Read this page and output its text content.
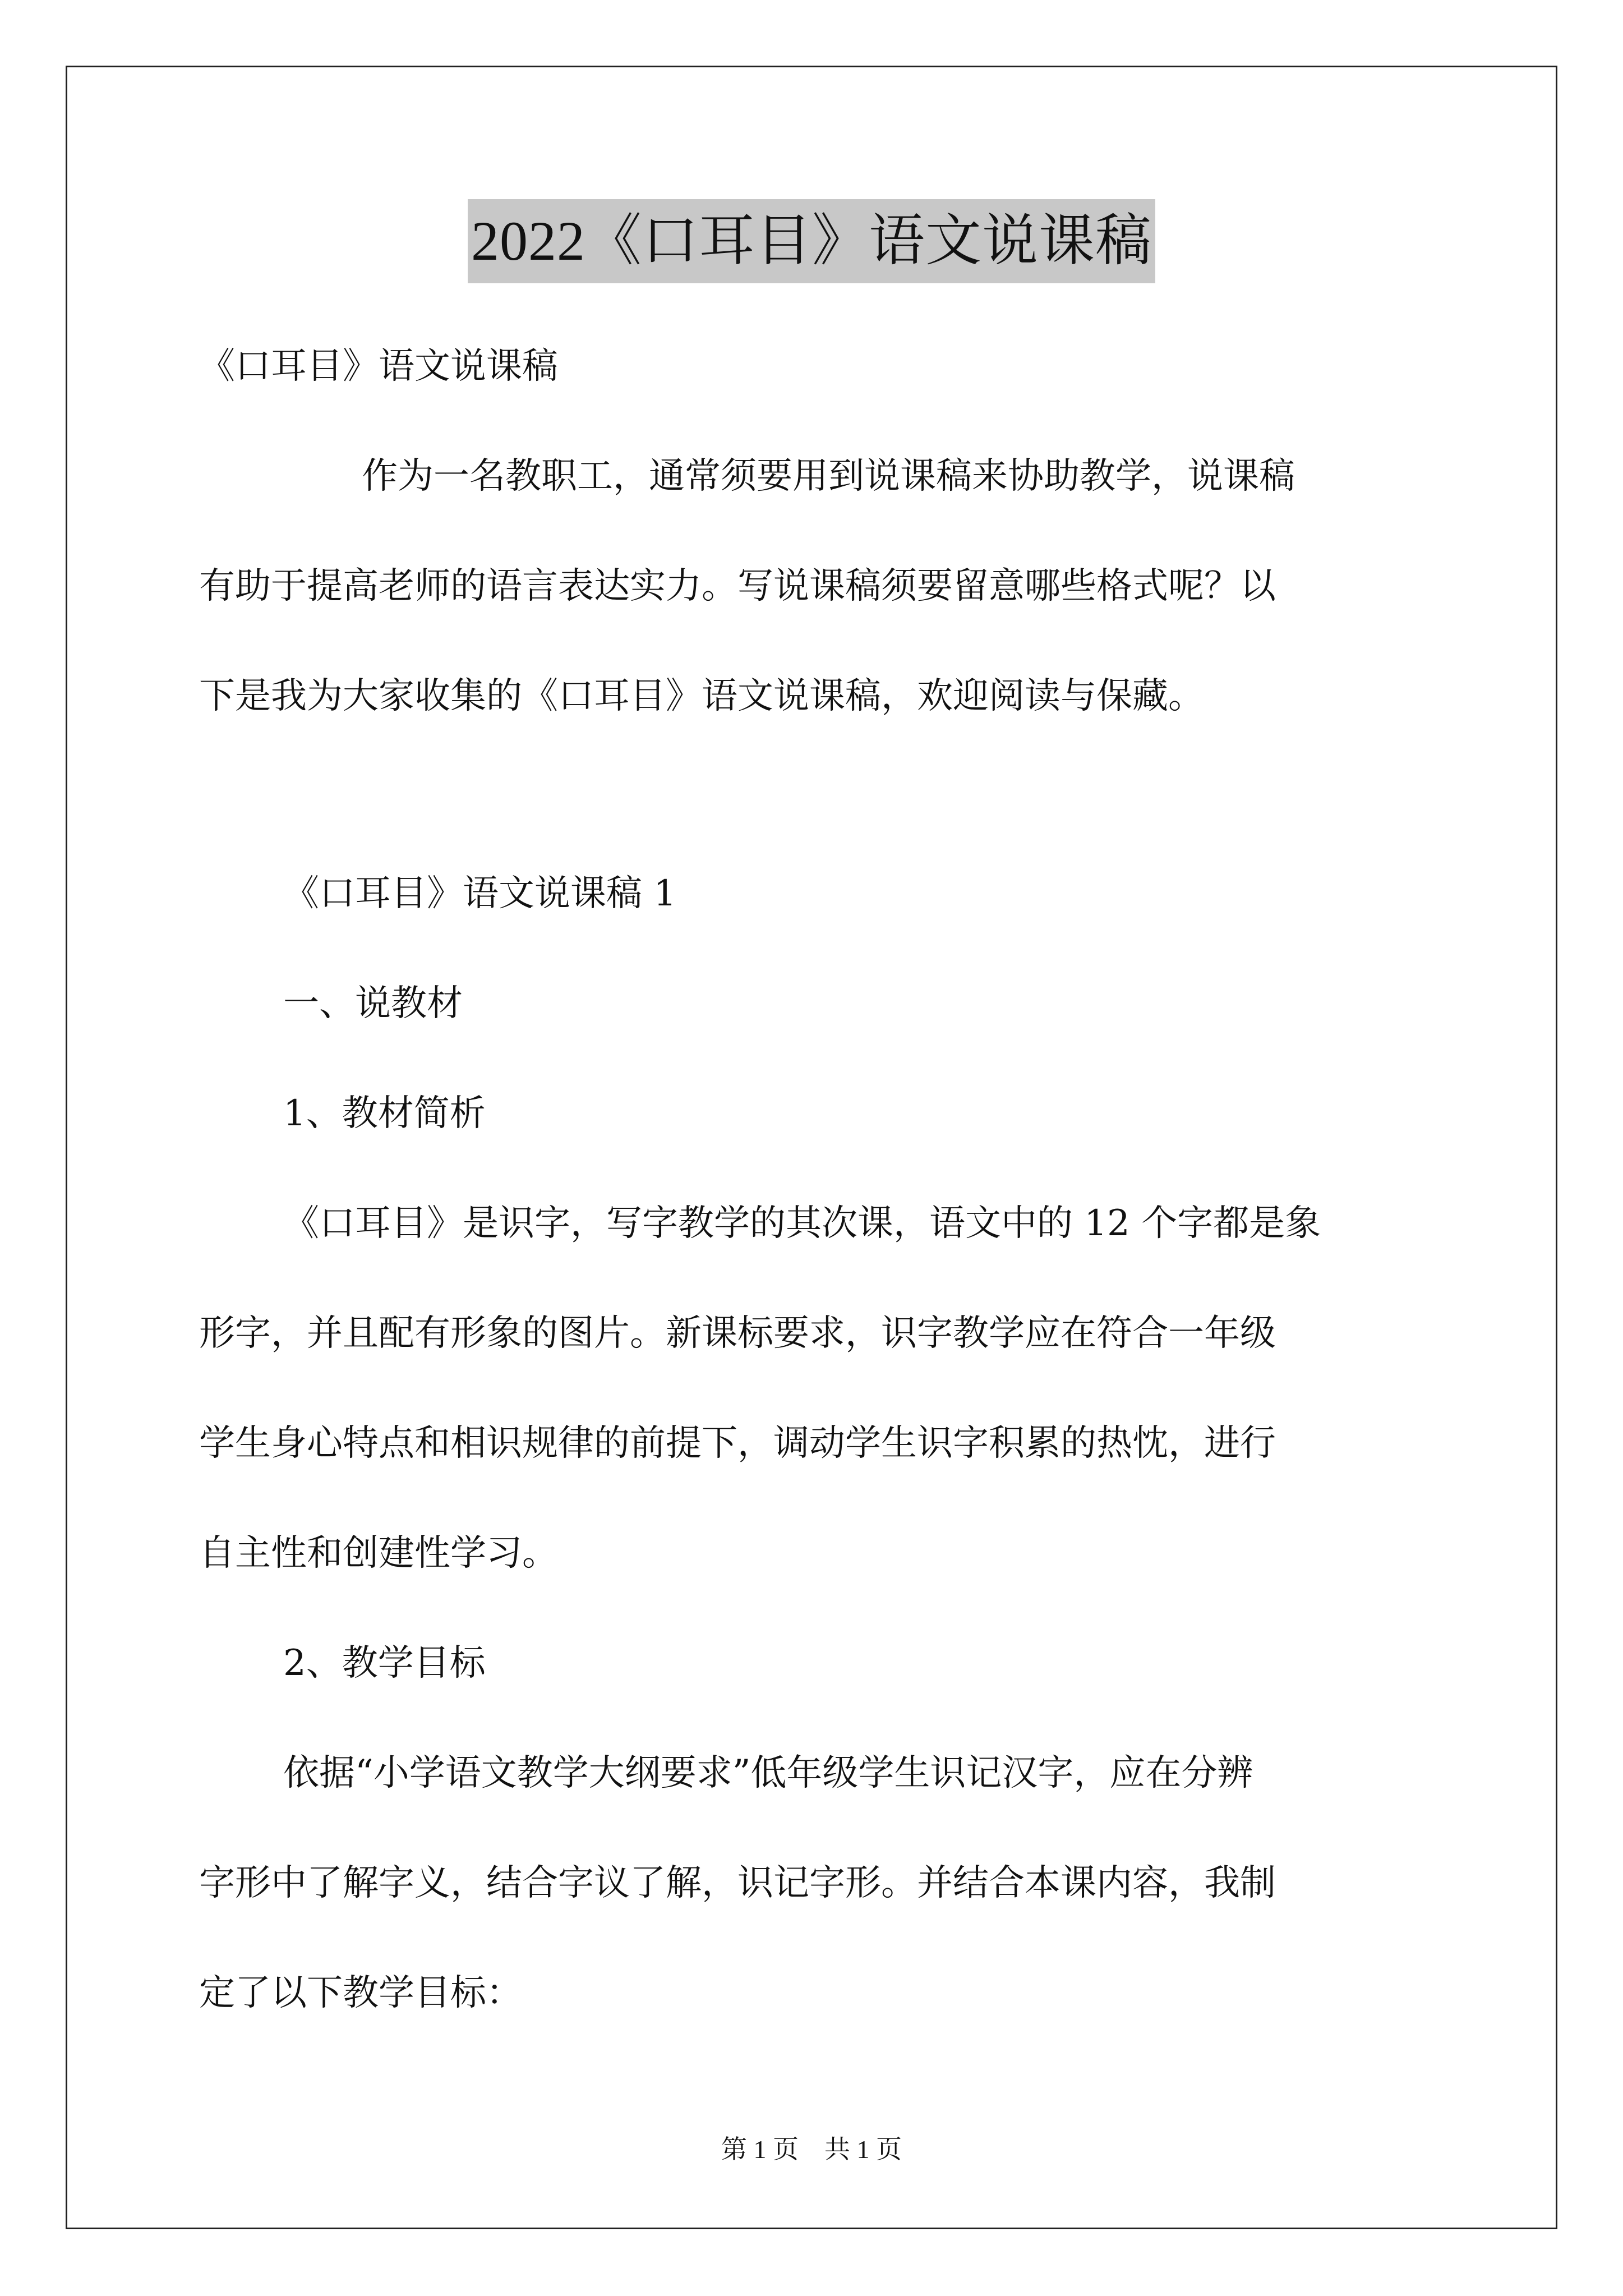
2022《口耳目》语文说课稿

《口耳目》语文说课稿

作为一名教职工，通常须要用到说课稿来协助教学，说课稿

有助于提高老师的语言表达实力。写说课稿须要留意哪些格式呢？以

下是我为大家收集的《口耳目》语文说课稿，欢迎阅读与保藏。

《口耳目》语文说课稿 1

一、说教材

1、教材简析

《口耳目》是识字，写字教学的其次课，语文中的 12 个字都是象

形字，并且配有形象的图片。新课标要求，识字教学应在符合一年级

学生身心特点和相识规律的前提下，调动学生识字积累的热忱，进行

自主性和创建性学习。

2、教学目标

依据“小学语文教学大纲要求”低年级学生识记汉字，应在分辨

字形中了解字义，结合字议了解，识记字形。并结合本课内容，我制

定了以下教学目标：

第 1 页    共 1 页
